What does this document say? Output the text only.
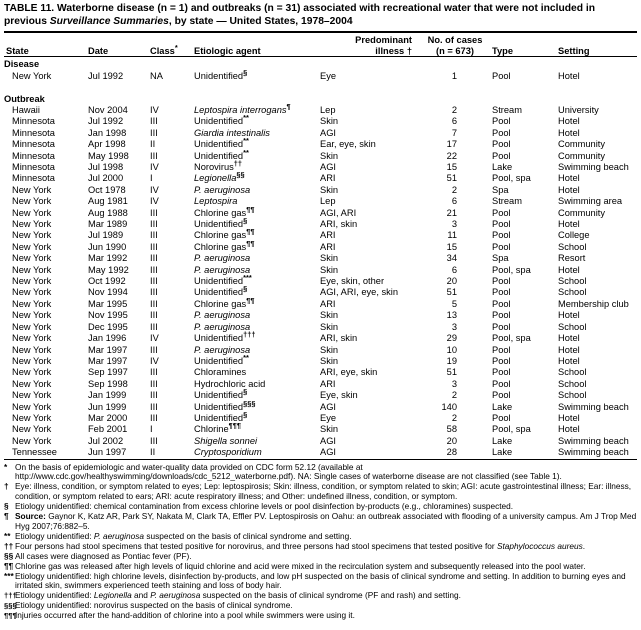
TABLE 11. Waterborne disease (n = 1) and outbreaks (n = 31) associated with recreational water that were not included in
previous Surveillance Summaries, by state — United States, 1978–2004

State	Date	Class*	Etiologic agent	Predominant
illness †	No. of cases
(n = 673)	Type	Setting

Disease							
New York	Jul 1992	NA	Unidentified§	Eye	1	Pool	Hotel

Outbreak							
Hawaii	Nov 2004	IV	Leptospira interrogans¶	Lep	2	Stream	University
Minnesota	Jul 1992	III	Unidentified**	Skin	6	Pool	Hotel
Minnesota	Jan 1998	III	Giardia intestinalis	AGI	7	Pool	Hotel
Minnesota	Apr 1998	II	Unidentified**	Ear, eye, skin	17	Pool	Community
Minnesota	May 1998	III	Unidentified**	Skin	22	Pool	Community
Minnesota	Jul 1998	IV	Norovirus††	AGI	15	Lake	Swimming beach
Minnesota	Jul 2000	I	Legionella§§	ARI	51	Pool, spa	Hotel
New York	Oct 1978	IV	P. aeruginosa	Skin	2	Spa	Hotel
New York	Aug 1981	IV	Leptospira	Lep	6	Stream	Swimming area
New York	Aug 1988	III	Chlorine gas¶¶	AGI, ARI	21	Pool	Community
New York	Mar 1989	III	Unidentified§	ARI, skin	3	Pool	Hotel
New York	Jul 1989	III	Chlorine gas¶¶	ARI	11	Pool	College
New York	Jun 1990	III	Chlorine gas¶¶	ARI	15	Pool	School
New York	Mar 1992	III	P. aeruginosa	Skin	34	Spa	Resort
New York	May 1992	III	P. aeruginosa	Skin	6	Pool, spa	Hotel
New York	Oct 1992	III	Unidentified***	Eye, skin, other	20	Pool	School
New York	Nov 1994	III	Unidentified§	AGI, ARI, eye, skin	51	Pool	School
New York	Mar 1995	III	Chlorine gas¶¶	ARI	5	Pool	Membership club
New York	Nov 1995	III	P. aeruginosa	Skin	13	Pool	Hotel
New York	Dec 1995	III	P. aeruginosa	Skin	3	Pool	School
New York	Jan 1996	IV	Unidentified†††	ARI, skin	29	Pool, spa	Hotel
New York	Mar 1997	III	P. aeruginosa	Skin	10	Pool	Hotel
New York	Mar 1997	IV	Unidentified**	Skin	19	Pool	Hotel
New York	Sep 1997	III	Chloramines	ARI, eye, skin	51	Pool	School
New York	Sep 1998	III	Hydrochloric acid	ARI	3	Pool	School
New York	Jan 1999	III	Unidentified§	Eye, skin	2	Pool	School
New York	Jun 1999	III	Unidentified§§§	AGI	140	Lake	Swimming beach
New York	Mar 2000	III	Unidentified§	Eye	2	Pool	Hotel
New York	Feb 2001	I	Chlorine¶¶¶	Skin	58	Pool, spa	Hotel
New York	Jul 2002	III	Shigella sonnei	AGI	20	Lake	Swimming beach
Tennessee	Jun 1997	II	Cryptosporidium	AGI	28	Lake	Swimming beach

* On the basis of epidemiologic and water-quality data provided on CDC form 52.12 (available at http://www.cdc.gov/healthyswimming/downloads/cdc_5212_waterborne.pdf). NA: Single cases of waterborne disease are not classified (see Table 1).
† Eye: illness, condition, or symptom related to eyes; Lep: leptospirosis; Skin: illness, condition, or symptom related to skin; AGI: acute gastrointestinal illness; Ear: illness, condition, or symptom related to ears; ARI: acute respiratory illness; and Other: undefined illness, condition, or symptom.
§ Etiology unidentified: chemical contamination from excess chlorine levels or pool disinfection by-products (e.g., chloramines) suspected.
¶ Source: Gaynor K, Katz AR, Park SY, Nakata M, Clark TA, Effler PV. Leptospirosis on Oahu: an outbreak associated with flooding of a university campus. Am J Trop Med Hyg 2007;76:882–5.
** Etiology unidentified: P. aeruginosa suspected on the basis of clinical syndrome and setting.
†† Four persons had stool specimens that tested positive for norovirus, and three persons had stool specimens that tested positive for Staphylococcus aureus.
§§ All cases were diagnosed as Pontiac fever (PF).
¶¶ Chlorine gas was released after high levels of liquid chlorine and acid were mixed in the recirculation system and subsequently released into the pool water.
*** Etiology unidentified: high chlorine levels, disinfection by-products, and low pH suspected on the basis of clinical syndrome and setting. In addition to burning eyes and irritated skin, swimmers experienced teeth staining and loss of body hair.
†††
Etiology unidentified: Legionella and P. aeruginosa suspected on the basis of clinical syndrome (PF and rash) and setting.
§§§
Etiology unidentified: norovirus suspected on the basis of clinical syndrome.
¶¶¶
Injuries occurred after the hand-addition of chlorine into a pool while swimmers were using it.
